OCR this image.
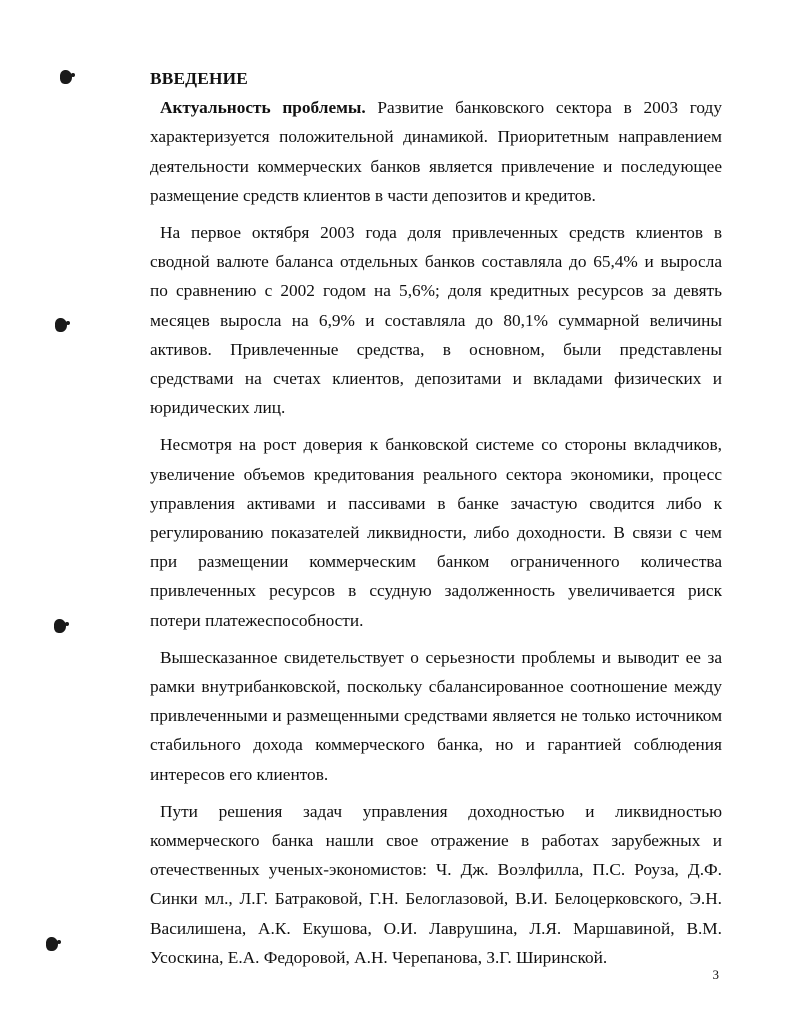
ВВЕДЕНИЕ

Актуальность проблемы. Развитие банковского сектора в 2003 году характеризуется положительной динамикой. Приоритетным направлением деятельности коммерческих банков является привлечение и последующее размещение средств клиентов в части депозитов и кредитов.

На первое октября 2003 года доля привлеченных средств клиентов в сводной валюте баланса отдельных банков составляла до 65,4% и выросла по сравнению с 2002 годом на 5,6%; доля кредитных ресурсов за девять месяцев выросла на 6,9% и составляла до 80,1% суммарной величины активов. Привлеченные средства, в основном, были представлены средствами на счетах клиентов, депозитами и вкладами физических и юридических лиц.

Несмотря на рост доверия к банковской системе со стороны вкладчиков, увеличение объемов кредитования реального сектора экономики, процесс управления активами и пассивами в банке зачастую сводится либо к регулированию показателей ликвидности, либо доходности. В связи с чем при размещении коммерческим банком ограниченного количества привлеченных ресурсов в ссудную задолженность увеличивается риск потери платежеспособности.

Вышесказанное свидетельствует о серьезности проблемы и выводит ее за рамки внутрибанковской, поскольку сбалансированное соотношение между привлеченными и размещенными средствами является не только источником стабильного дохода коммерческого банка, но и гарантией соблюдения интересов его клиентов.

Пути решения задач управления доходностью и ликвидностью коммерческого банка нашли свое отражение в работах зарубежных и отечественных ученых-экономистов: Ч. Дж. Воэлфилла, П.С. Роуза, Д.Ф. Синки мл., Л.Г. Батраковой, Г.Н. Белоглазовой, В.И. Белоцерковского, Э.Н. Василишена, А.К. Екушова, О.И. Лаврушина, Л.Я. Маршавиной, В.М. Усоскина, Е.А. Федоровой, А.Н. Черепанова, З.Г. Ширинской.

3
